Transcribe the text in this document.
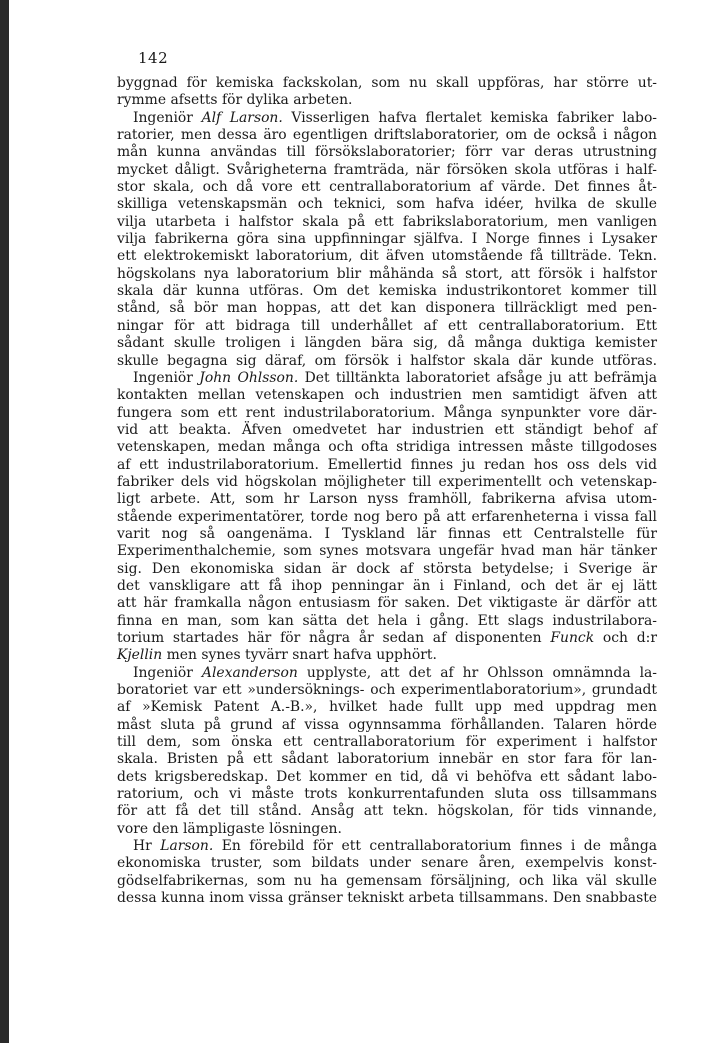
142
byggnad för kemiska fackskolan, som nu skall uppföras, har större ut-
rymme afsetts för dylika arbeten.
Ingeniör Alf Larson. Visserligen hafva flertalet kemiska fabriker labo-
ratorier, men dessa äro egentligen driftslaboratorier, om de också i någon
mån kunna användas till försökslaboratorier; förr var deras utrustning
mycket dåligt. Svårigheterna framträda, när försöken skola utföras i half-
stor skala, och då vore ett centrallaboratorium af värde. Det finnes åt-
skilliga vetenskapsmän och teknici, som hafva idéer, hvilka de skulle
vilja utarbeta i halfstor skala på ett fabrikslaboratorium, men vanligen
vilja fabrikerna göra sina uppfinningar själfva. I Norge finnes i Lysaker
ett elektrokemiskt laboratorium, dit äfven utomstående få tillträde. Tekn.
högskolans nya laboratorium blir måhända så stort, att försök i halfstor
skala där kunna utföras. Om det kemiska industrikontoret kommer till
stånd, så bör man hoppas, att det kan disponera tillräckligt med pen-
ningar för att bidraga till underhållet af ett centrallaboratorium. Ett
sådant skulle troligen i längden bära sig, då många duktiga kemister
skulle begagna sig däraf, om försök i halfstor skala där kunde utföras.
Ingeniör John Ohlsson. Det tilltänkta laboratoriet afsåge ju att befrämja
kontakten mellan vetenskapen och industrien men samtidigt äfven att
fungera som ett rent industrilaboratorium. Många synpunkter vore där-
vid att beakta. Äfven omedvetet har industrien ett ständigt behof af
vetenskapen, medan många och ofta stridiga intressen måste tillgodoses
af ett industrilaboratorium. Emellertid finnes ju redan hos oss dels vid
fabriker dels vid högskolan möjligheter till experimentellt och vetenskap-
ligt arbete. Att, som hr Larson nyss framhöll, fabrikerna afvisa utom-
stående experimentatörer, torde nog bero på att erfarenheterna i vissa fall
varit nog så oangenäma. I Tyskland lär finnas ett Centralstelle für
Experimenthalchemie, som synes motsvara ungefär hvad man här tänker
sig. Den ekonomiska sidan är dock af största betydelse; i Sverige är
det vanskligare att få ihop penningar än i Finland, och det är ej lätt
att här framkalla någon entusiasm för saken. Det viktigaste är därför att
finna en man, som kan sätta det hela i gång. Ett slags industrilabora-
torium startades här för några år sedan af disponenten Funck och d:r
Kjellin men synes tyvärr snart hafva upphört.
Ingeniör Alexanderson upplyste, att det af hr Ohlsson omnämnda la-
boratoriet var ett »undersöknings- och experimentlaboratorium», grundadt
af »Kemisk Patent A.-B.», hvilket hade fullt upp med uppdrag men
måst sluta på grund af vissa ogynnsamma förhållanden. Talaren hörde
till dem, som önska ett centrallaboratorium för experiment i halfstor
skala. Bristen på ett sådant laboratorium innebär en stor fara för lan-
dets krigsberedskap. Det kommer en tid, då vi behöfva ett sådant labo-
ratorium, och vi måste trots konkurrentafunden sluta oss tillsammans
för att få det till stånd. Ansåg att tekn. högskolan, för tids vinnande,
vore den lämpligaste lösningen.
Hr Larson. En förebild för ett centrallaboratorium finnes i de många
ekonomiska truster, som bildats under senare åren, exempelvis konst-
gödselfabrikernas, som nu ha gemensam försäljning, och lika väl skulle
dessa kunna inom vissa gränser tekniskt arbeta tillsammans. Den snabbaste
